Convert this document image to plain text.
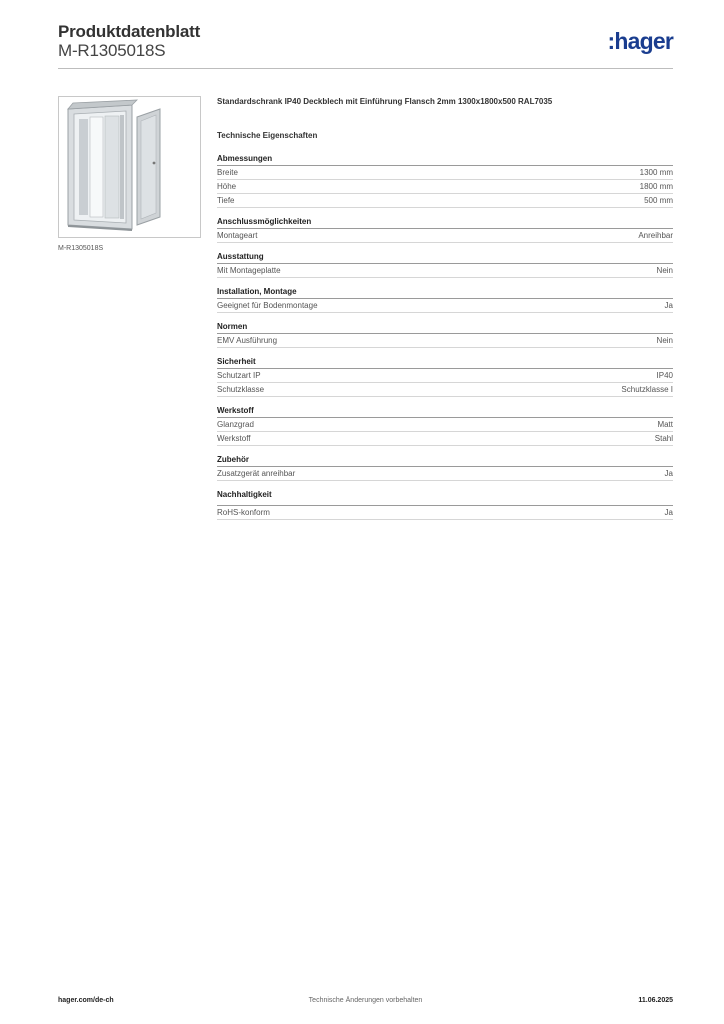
Produktdatenblatt
M-R1305018S	:hager
M-R1305018S
Standardschrank IP40 Deckblech mit Einführung Flansch 2mm 1300x1800x500 RAL7035
Technische Eigenschaften
Abmessungen
Breite	1300 mm
Höhe	1800 mm
Tiefe	500 mm
Anschlussmöglichkeiten
Montageart	Anreihbar
Ausstattung
Mit Montageplatte	Nein
Installation, Montage
Geeignet für Bodenmontage	Ja
Normen
EMV Ausführung	Nein
Sicherheit
Schutzart IP	IP40
Schutzklasse	Schutzklasse I
Werkstoff
Glanzgrad	Matt
Werkstoff	Stahl
Zubehör
Zusatzgerät anreihbar	Ja
Nachhaltigkeit
RoHS-konform	Ja
hager.com/de-ch	Technische Änderungen vorbehalten	11.06.2025
